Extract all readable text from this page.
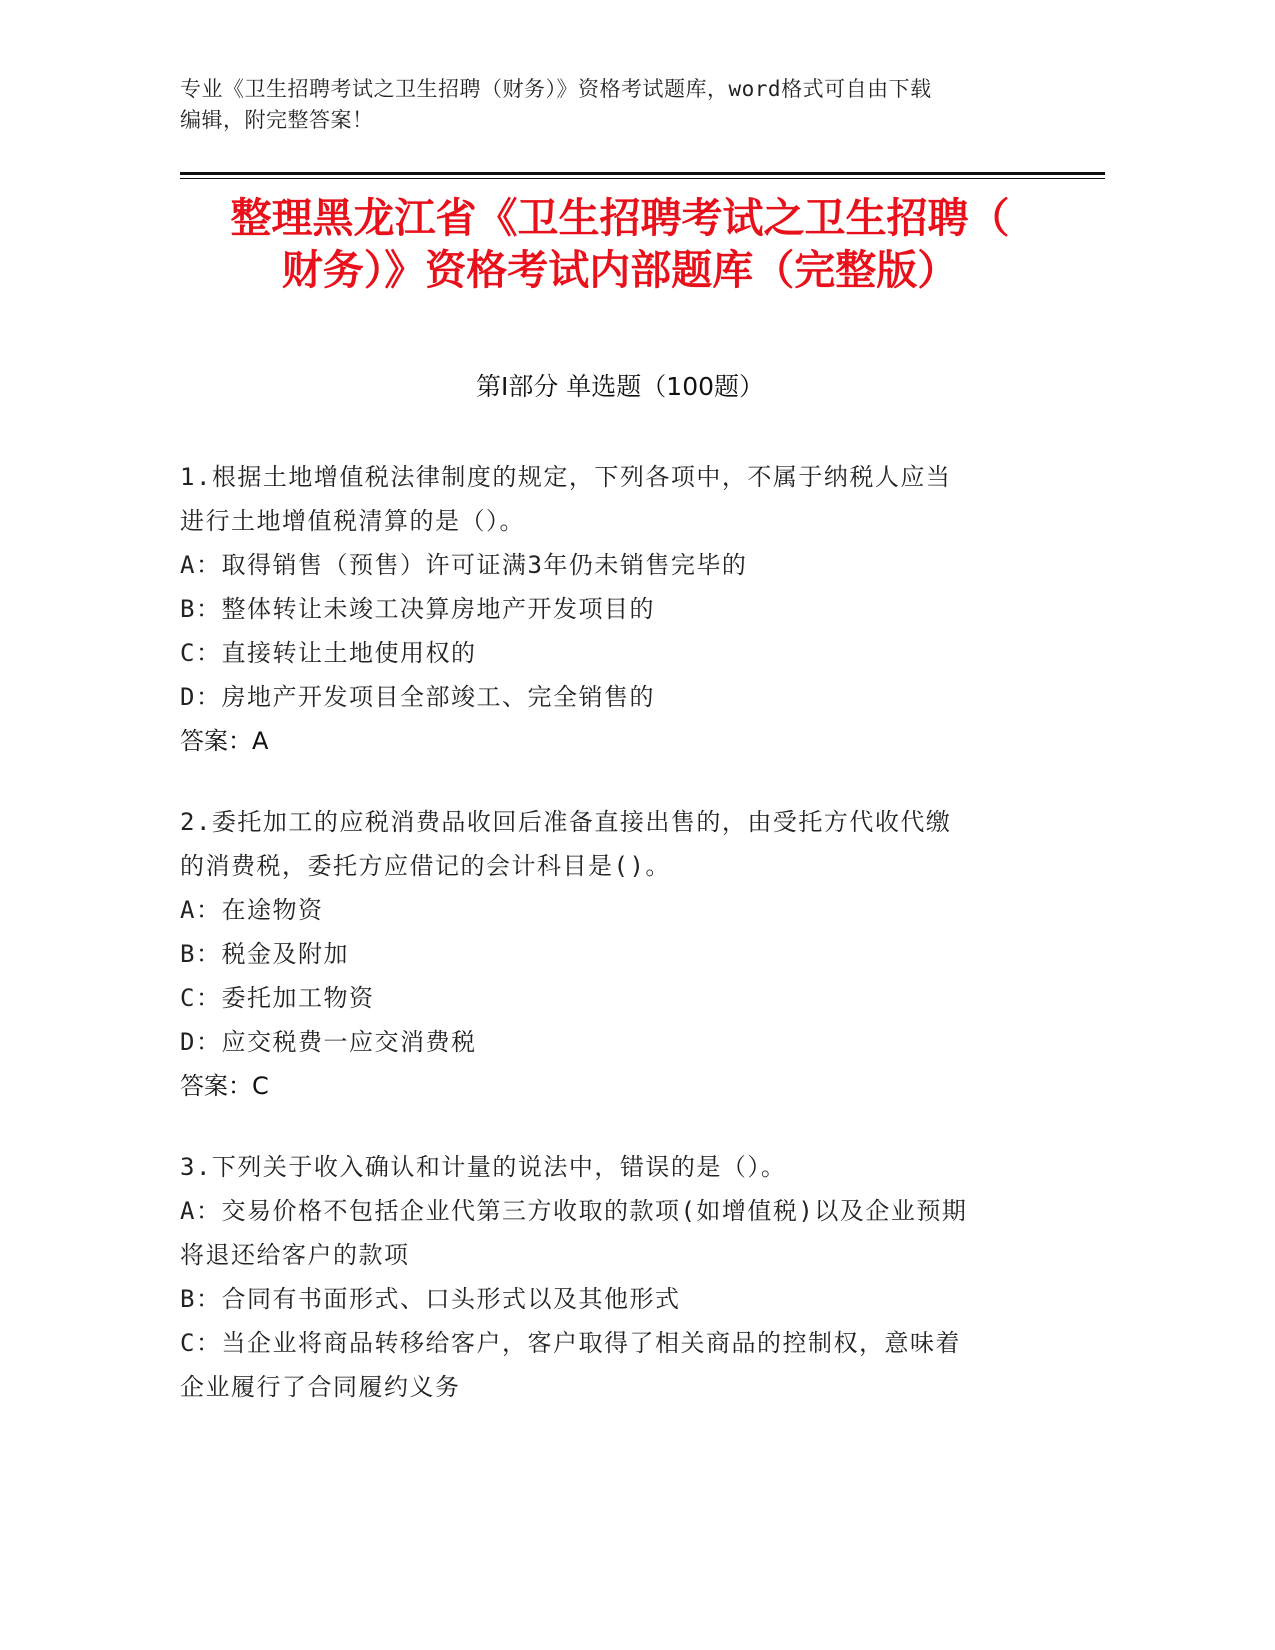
专业《卫生招聘考试之卫生招聘（财务）》资格考试题库，word格式可自由下载
编辑，附完整答案！
整理黑龙江省《卫生招聘考试之卫生招聘（
财务）》资格考试内部题库（完整版）
第Ⅰ部分 单选题（100题）

1.根据土地增值税法律制度的规定，下列各项中，不属于纳税人应当

进行土地增值税清算的是（）。

A：取得销售（预售）许可证满3年仍未销售完毕的

B：整体转让未竣工决算房地产开发项目的

C：直接转让土地使用权的

D：房地产开发项目全部竣工、完全销售的

答案：A

2.委托加工的应税消费品收回后准备直接出售的，由受托方代收代缴

的消费税，委托方应借记的会计科目是()。

A：在途物资

B：税金及附加

C：委托加工物资

D：应交税费一应交消费税

答案：C

3.下列关于收入确认和计量的说法中，错误的是（）。

A：交易价格不包括企业代第三方收取的款项(如增值税)以及企业预期

将退还给客户的款项

B：合同有书面形式、口头形式以及其他形式

C：当企业将商品转移给客户，客户取得了相关商品的控制权，意味着

企业履行了合同履约义务
